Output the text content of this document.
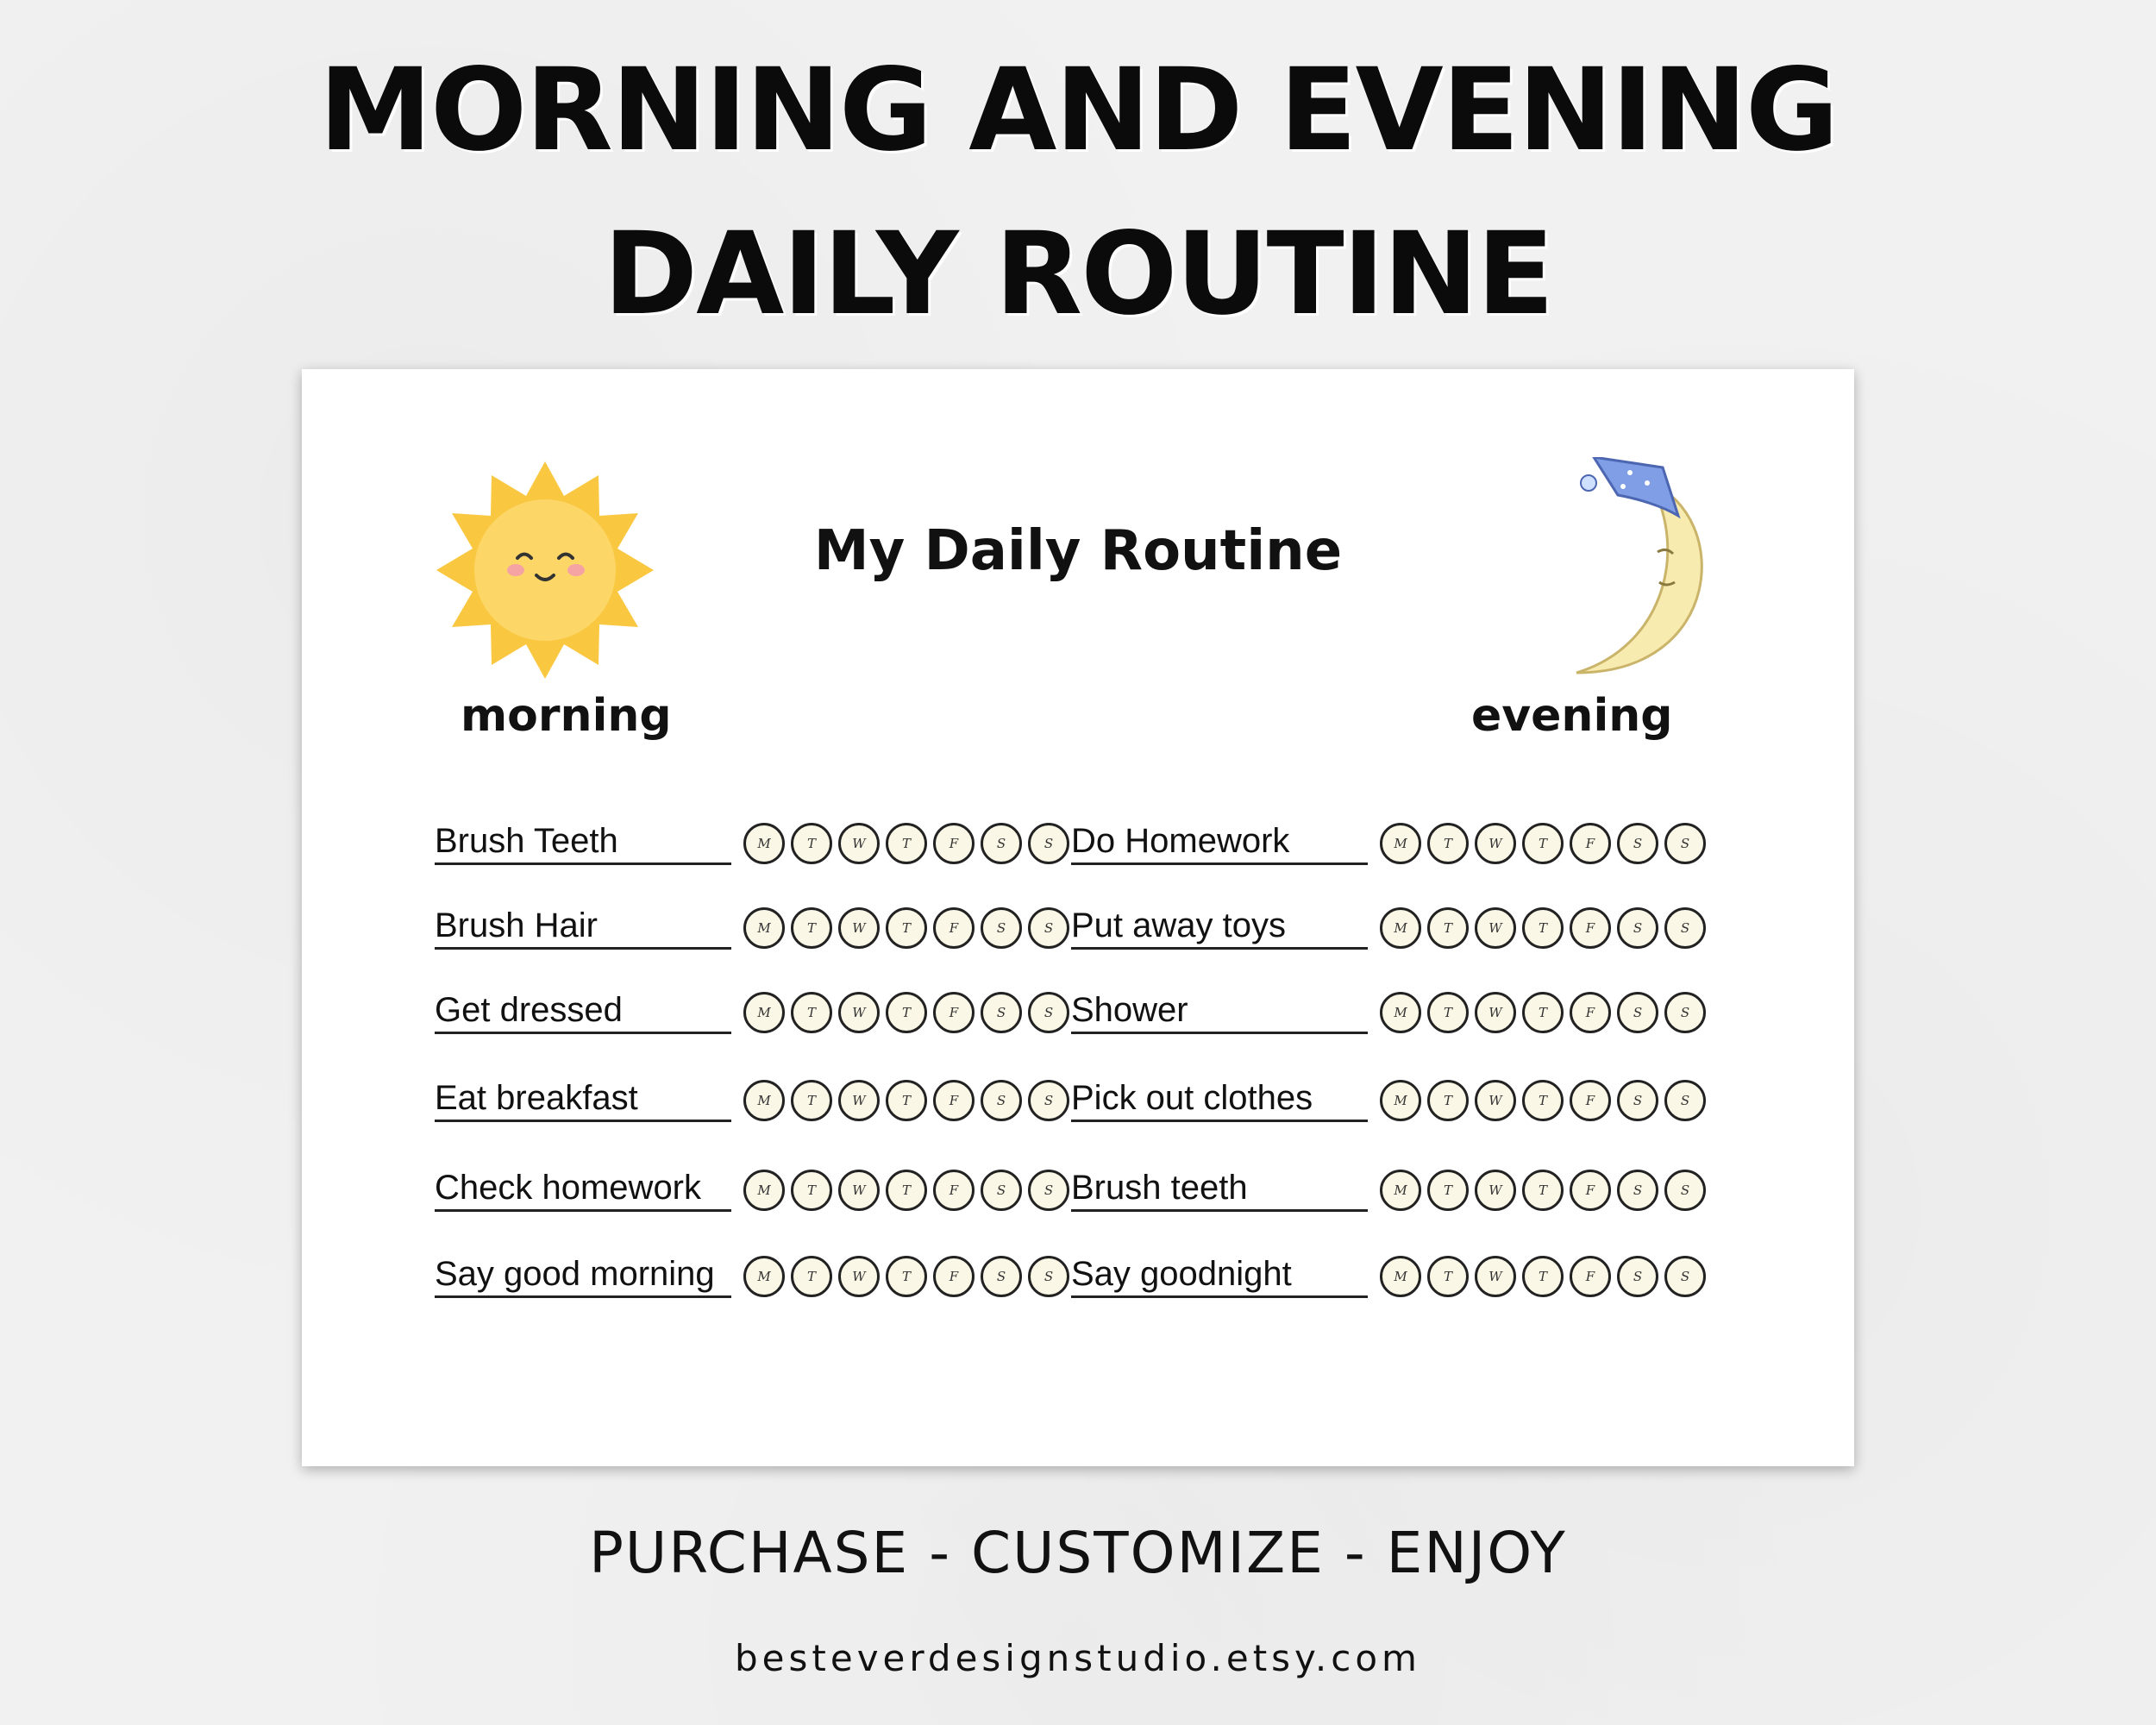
MORNING AND EVENING
DAILY ROUTINE
My Daily Routine
morning	evening
Brush Teeth	M	T	W	T	F	S	S
Brush Hair	M	T	W	T	F	S	S
Get dressed	M	T	W	T	F	S	S
Eat breakfast	M	T	W	T	F	S	S
Check homework	M	T	W	T	F	S	S
Say good morning	M	T	W	T	F	S	S
Do Homework	M	T	W	T	F	S	S
Put away toys	M	T	W	T	F	S	S
Shower	M	T	W	T	F	S	S
Pick out clothes	M	T	W	T	F	S	S
Brush teeth	M	T	W	T	F	S	S
Say goodnight	M	T	W	T	F	S	S
PURCHASE - CUSTOMIZE - ENJOY
besteverdesignstudio.etsy.com
